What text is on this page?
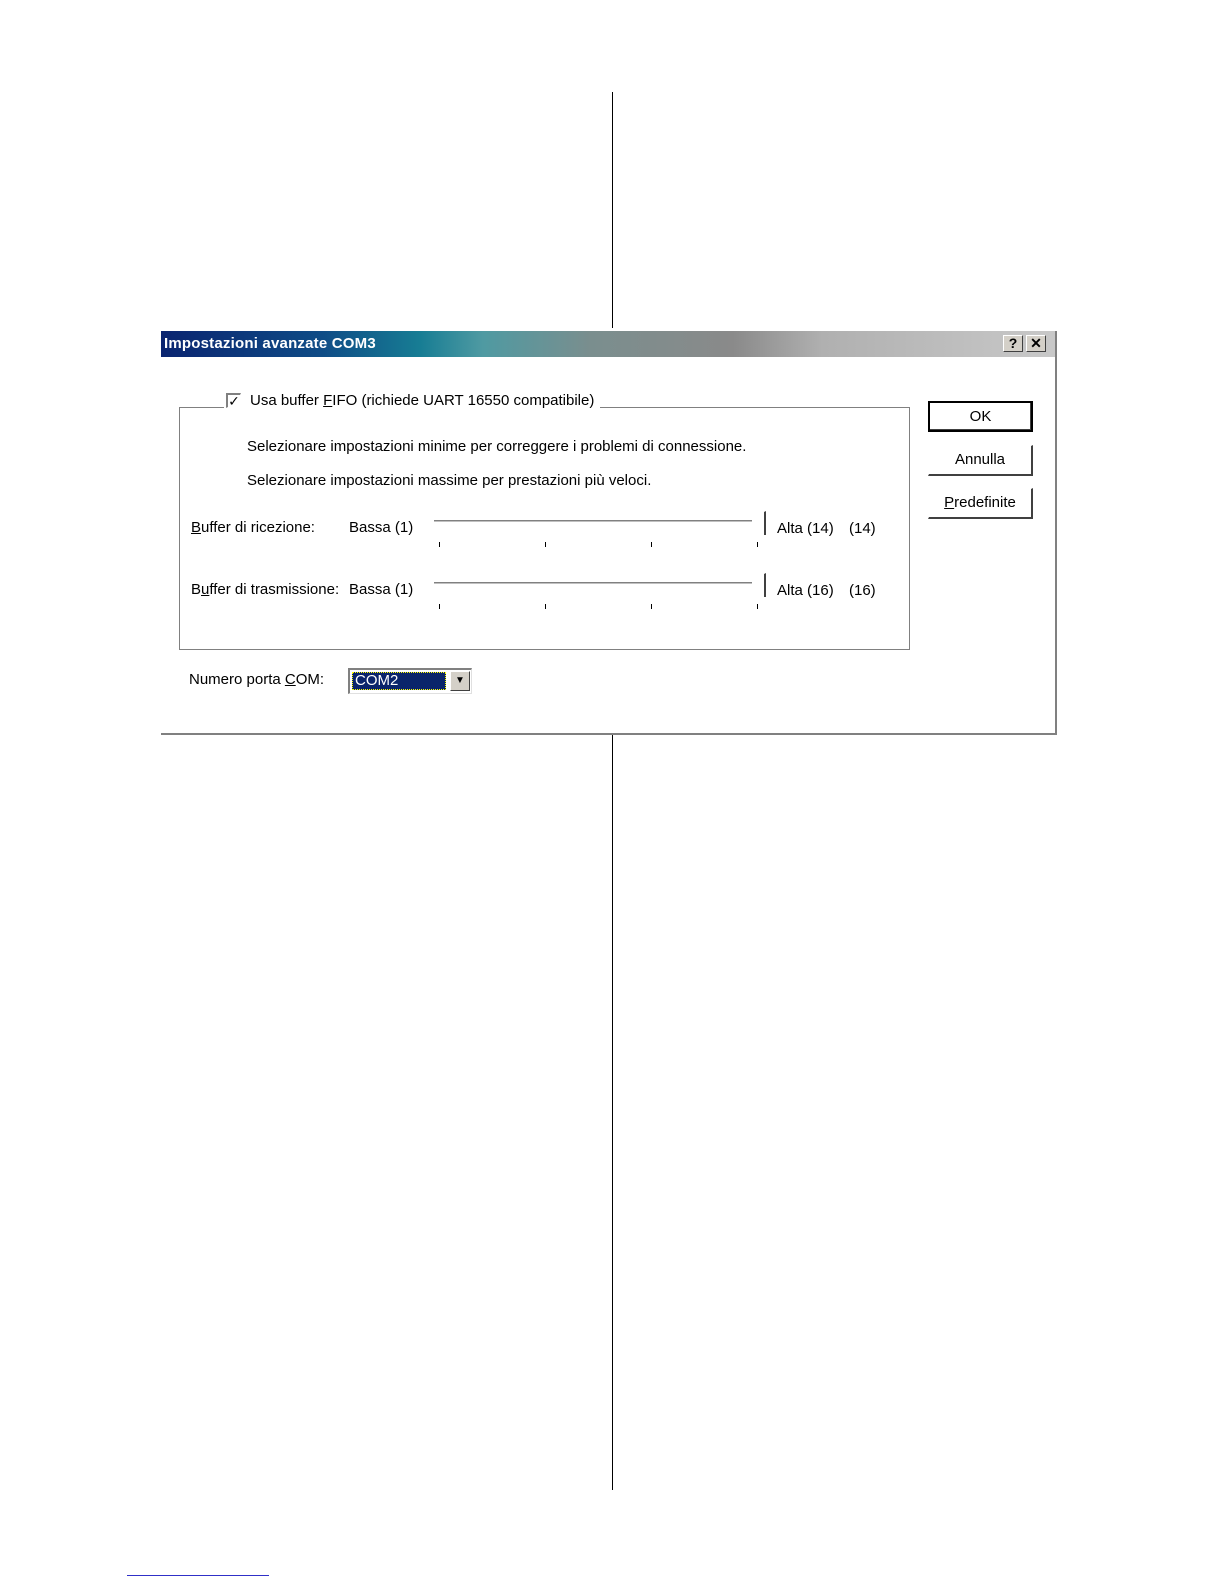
Impostazioni avanzate COM3	? ✕
✓ Usa buffer FIFO (richiede UART 16550 compatibile)
Selezionare impostazioni minime per correggere i problemi di connessione.
Selezionare impostazioni massime per prestazioni più veloci.
Buffer di ricezione: Bassa (1)	Alta (14) (14)
Buffer di trasmissione: Bassa (1)	Alta (16) (16)
Numero porta COM: COM2	▼
OK
Annulla
Predefinite
